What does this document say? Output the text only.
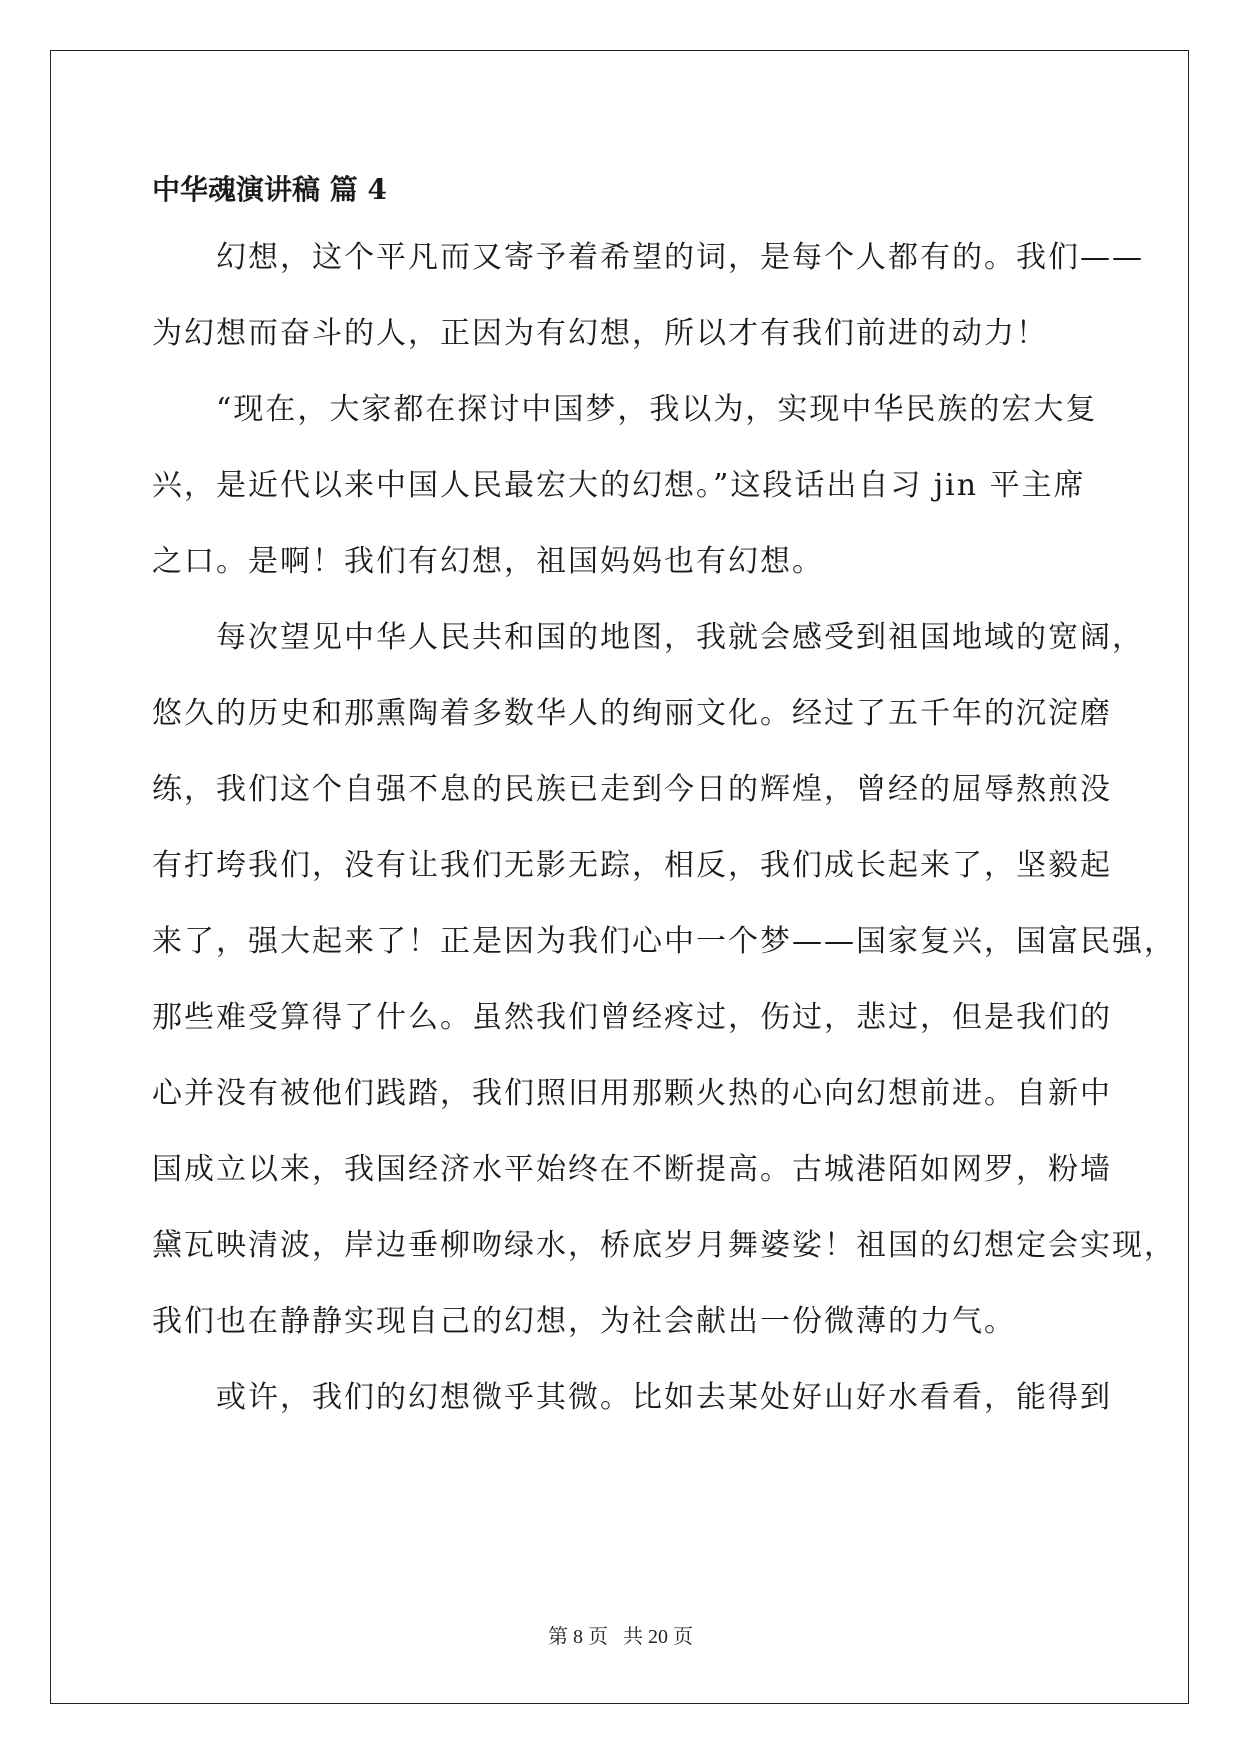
中华魂演讲稿 篇 4

幻想，这个平凡而又寄予着希望的词，是每个人都有的。我们——
为幻想而奋斗的人，正因为有幻想，所以才有我们前进的动力！

“现在，大家都在探讨中国梦，我以为，实现中华民族的宏大复
兴，是近代以来中国人民最宏大的幻想。”这段话出自习 jin 平主席
之口。是啊！我们有幻想，祖国妈妈也有幻想。

每次望见中华人民共和国的地图，我就会感受到祖国地域的宽阔，
悠久的历史和那熏陶着多数华人的绚丽文化。经过了五千年的沉淀磨
练，我们这个自强不息的民族已走到今日的辉煌，曾经的屈辱熬煎没
有打垮我们，没有让我们无影无踪，相反，我们成长起来了，坚毅起
来了，强大起来了！正是因为我们心中一个梦——国家复兴，国富民强，
那些难受算得了什么。虽然我们曾经疼过，伤过，悲过，但是我们的
心并没有被他们践踏，我们照旧用那颗火热的心向幻想前进。自新中
国成立以来，我国经济水平始终在不断提高。古城港陌如网罗，粉墙
黛瓦映清波，岸边垂柳吻绿水，桥底岁月舞婆娑！祖国的幻想定会实现，
我们也在静静实现自己的幻想，为社会献出一份微薄的力气。

或许，我们的幻想微乎其微。比如去某处好山好水看看，能得到

第 8 页 共 20 页
